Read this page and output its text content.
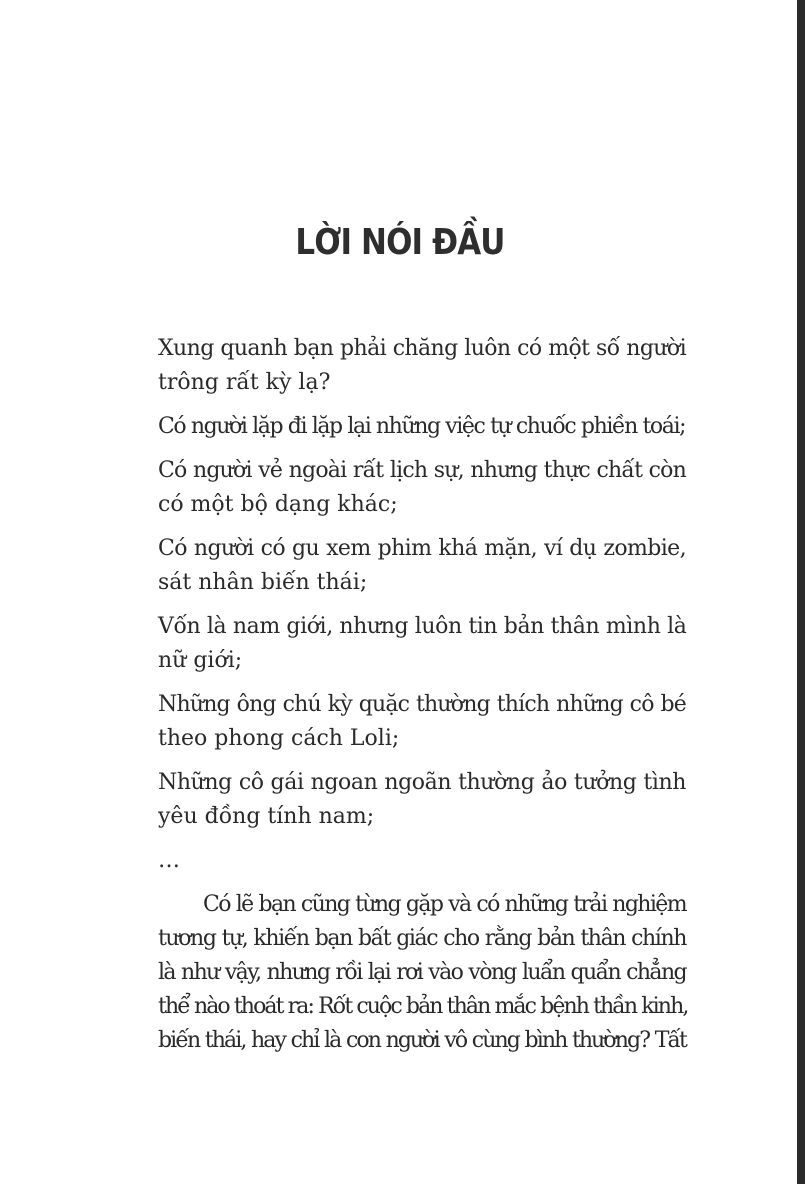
LỜI NÓI ĐẦU
Xung quanh bạn phải chăng luôn có một số người
trông rất kỳ lạ?
Có người lặp đi lặp lại những việc tự chuốc phiền toái;
Có người vẻ ngoài rất lịch sự, nhưng thực chất còn
có một bộ dạng khác;
Có người có gu xem phim khá mặn, ví dụ zombie,
sát nhân biến thái;
Vốn là nam giới, nhưng luôn tin bản thân mình là
nữ giới;
Những ông chú kỳ quặc thường thích những cô bé
theo phong cách Loli;
Những cô gái ngoan ngoãn thường ảo tưởng tình
yêu đồng tính nam;
…
Có lẽ bạn cũng từng gặp và có những trải nghiệm
tương tự, khiến bạn bất giác cho rằng bản thân chính
là như vậy, nhưng rồi lại rơi vào vòng luẩn quẩn chẳng
thể nào thoát ra: Rốt cuộc bản thân mắc bệnh thần kinh,
biến thái, hay chỉ là con người vô cùng bình thường? Tất
